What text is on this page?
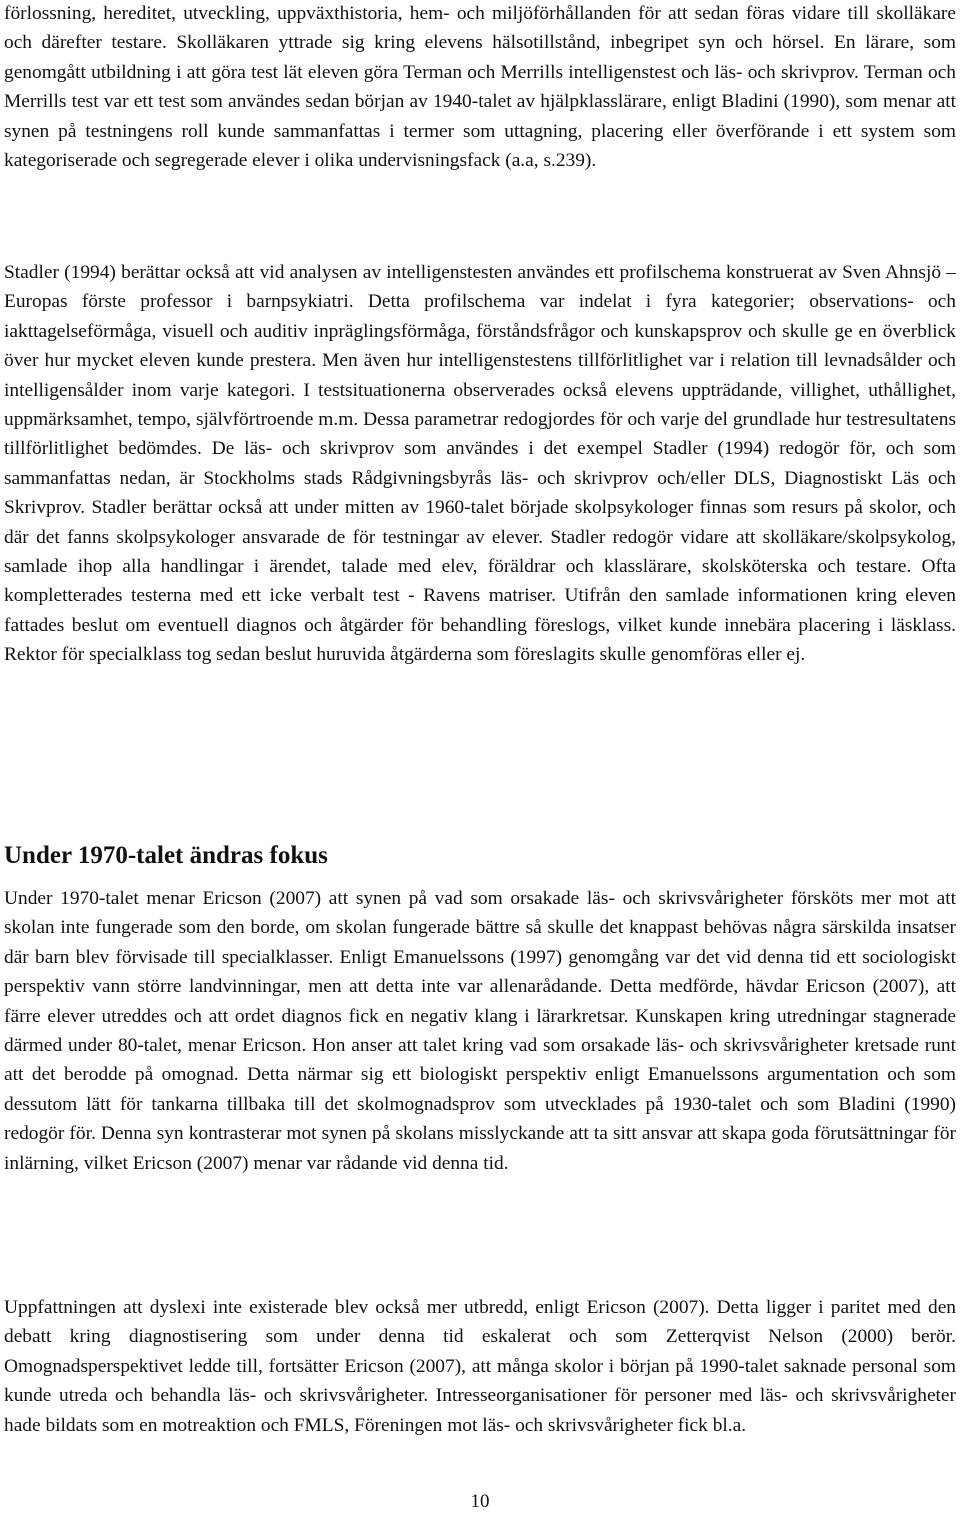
förlossning, hereditet, utveckling, uppväxthistoria, hem- och miljöförhållanden för att sedan föras vidare till skolläkare och därefter testare. Skolläkaren yttrade sig kring elevens hälsotillstånd, inbegripet syn och hörsel. En lärare, som genomgått utbildning i att göra test lät eleven göra Terman och Merrills intelligenstest och läs- och skrivprov. Terman och Merrills test var ett test som användes sedan början av 1940-talet av hjälpklasslärare, enligt Bladini (1990), som menar att synen på testningens roll kunde sammanfattas i termer som uttagning, placering eller överförande i ett system som kategoriserade och segregerade elever i olika undervisningsfack (a.a, s.239).

Stadler (1994) berättar också att vid analysen av intelligenstesten användes ett profilschema konstruerat av Sven Ahnsjö – Europas förste professor i barnpsykiatri. Detta profilschema var indelat i fyra kategorier; observations- och iakttagelseförmåga, visuell och auditiv inpräglingsförmåga, förståndsfrågor och kunskapsprov och skulle ge en överblick över hur mycket eleven kunde prestera. Men även hur intelligenstestens tillförlitlighet var i relation till levnadsålder och intelligensålder inom varje kategori. I testsituationerna observerades också elevens uppträdande, villighet, uthållighet, uppmärksamhet, tempo, självförtroende m.m. Dessa parametrar redogjordes för och varje del grundlade hur testresultatens tillförlitlighet bedömdes. De läs- och skrivprov som användes i det exempel Stadler (1994) redogör för, och som sammanfattas nedan, är Stockholms stads Rådgivningsbyrås läs- och skrivprov och/eller DLS, Diagnostiskt Läs och Skrivprov. Stadler berättar också att under mitten av 1960-talet började skolpsykologer finnas som resurs på skolor, och där det fanns skolpsykologer ansvarade de för testningar av elever. Stadler redogör vidare att skolläkare/skolpsykolog, samlade ihop alla handlingar i ärendet, talade med elev, föräldrar och klasslärare, skolsköterska och testare. Ofta kompletterades testerna med ett icke verbalt test - Ravens matriser. Utifrån den samlade informationen kring eleven fattades beslut om eventuell diagnos och åtgärder för behandling föreslogs, vilket kunde innebära placering i läsklass. Rektor för specialklass tog sedan beslut huruvida åtgärderna som föreslagits skulle genomföras eller ej.

Under 1970-talet ändras fokus

Under 1970-talet menar Ericson (2007) att synen på vad som orsakade läs- och skrivsvårigheter försköts mer mot att skolan inte fungerade som den borde, om skolan fungerade bättre så skulle det knappast behövas några särskilda insatser där barn blev förvisade till specialklasser. Enligt Emanuelssons (1997) genomgång var det vid denna tid ett sociologiskt perspektiv vann större landvinningar, men att detta inte var allenarådande. Detta medförde, hävdar Ericson (2007), att färre elever utreddes och att ordet diagnos fick en negativ klang i lärarkretsar. Kunskapen kring utredningar stagnerade därmed under 80-talet, menar Ericson. Hon anser att talet kring vad som orsakade läs- och skrivsvårigheter kretsade runt att det berodde på omognad. Detta närmar sig ett biologiskt perspektiv enligt Emanuelssons argumentation och som dessutom lätt för tankarna tillbaka till det skolmognadsprov som utvecklades på 1930-talet och som Bladini (1990) redogör för. Denna syn kontrasterar mot synen på skolans misslyckande att ta sitt ansvar att skapa goda förutsättningar för inlärning, vilket Ericson (2007) menar var rådande vid denna tid.

Uppfattningen att dyslexi inte existerade blev också mer utbredd, enligt Ericson (2007). Detta ligger i paritet med den debatt kring diagnostisering som under denna tid eskalerat och som Zetterqvist Nelson (2000) berör. Omognadsperspektivet ledde till, fortsätter Ericson (2007), att många skolor i början på 1990-talet saknade personal som kunde utreda och behandla läs- och skrivsvårigheter. Intresseorganisationer för personer med läs- och skrivsvårigheter hade bildats som en motreaktion och FMLS, Föreningen mot läs- och skrivsvårigheter fick bl.a.

10
